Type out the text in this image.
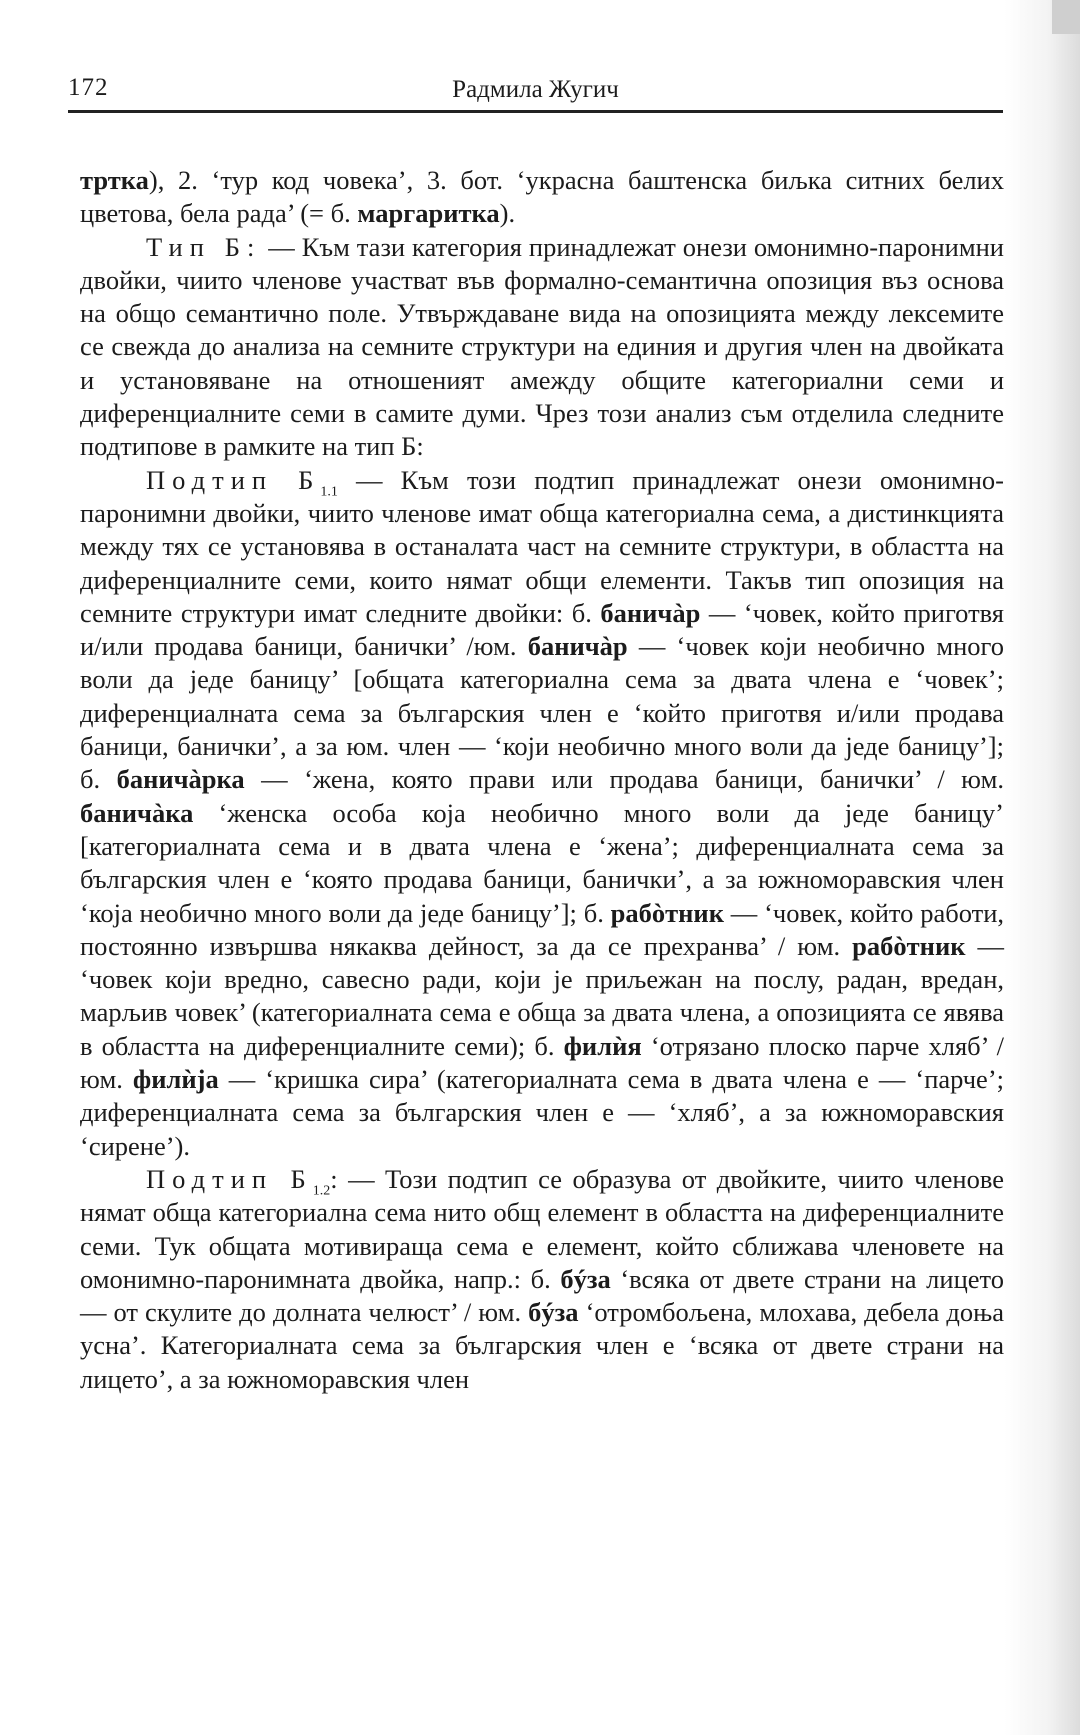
172	Радмила Жугич

тртка), 2. ‘тур код човека’, 3. бот. ‘украсна баштенска биљка ситних белих цветова, бела рада’ (= б. маргаритка).

Тип Б: — Към тази категория принадлежат онези омонимно-паронимни двойки, чиито членове участват във формално-семантична опозиция въз основа на общо семантично поле. Утвърждаване вида на опозицията между лексемите се свежда до анализа на семните структури на единия и другия член на двойката и установяване на отношеният амежду общите категориални семи и диференциалните семи в самите думи. Чрез този анализ съм отделила следните подтипове в рамките на тип Б:

Подтип $Б_{1.1}$ — Към този подтип принадлежат онези омонимно-паронимни двойки, чиито членове имат обща категориална сема, а дистинкцията между тях се установява в останалата част на семните структури, в областта на диференциалните семи, които нямат общи елементи. Такъв тип опозиция на семните структури имат следните двойки: б. баничàр — ‘човек, който приготвя и/или продава баници, банички’ /юм. баничàр — ‘човек који необично много воли да једе баницу’ [общата категориална сема за двата члена е ‘човек’; диференциалната сема за българския член е ‘който приготвя и/или продава баници, банички’, а за юм. член — ‘који необично много воли да једе баницу’]; б. баничàрка — ‘жена, която прави или продава баници, банички’ / юм. баничàка ‘женска особа која необично много воли да једе баницу’ [категориалната сема и в двата члена е ‘жена’; диференциалната сема за българския член е ‘която продава баници, банички’, а за южноморавския член ‘која необично много воли да једе баницу’]; б. рабòтник — ‘човек, който работи, постоянно извършва някаква дейност, за да се прехранва’ / юм. рабòтник — ‘човек који вредно, савесно ради, који је приљежан на послу, радан, вредан, марљив човек’ (категориалната сема е обща за двата члена, а опозицията се явява в областта на диференциалните семи); б. филѝя ‘отрязано плоско парче хляб’ / юм. филѝја — ‘кришка сира’ (категориалната сема в двата члена е — ‘парче’; диференциалната сема за българския член е — ‘хляб’, а за южноморавския ‘сирене’).

Подтип $Б_{1.2}$: — Този подтип се образува от двойките, чиито членове нямат обща категориална сема нито общ елемент в областта на диференциалните семи. Тук общата мотивираща сема е елемент, който сближава членовете на омонимно-паронимната двойка, напр.: б. бýза ‘всяка от двете страни на лицето — от скулите до долната челюст’ / юм. бýза ‘отромбољена, млохава, дебела доња усна’. Категориалната сема за българския член е ‘всяка от двете страни на лицето’, а за южноморавския член
